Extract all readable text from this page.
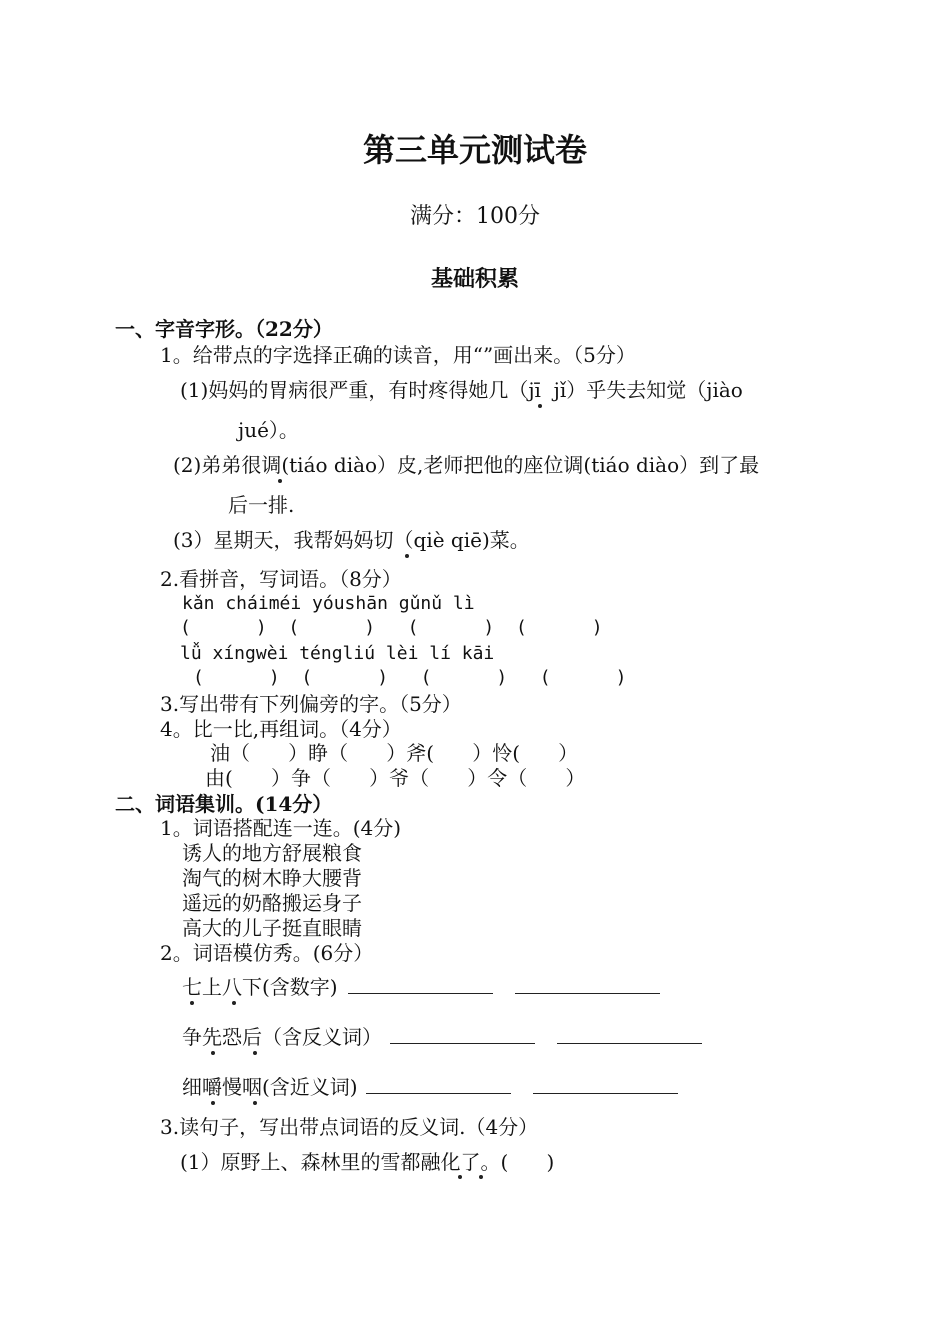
第三单元测试卷
满分：100分
基础积累
一、字音字形。（22分）
1。给带点的字选择正确的读音，用“”画出来。（5分）
(1)妈妈的胃病很严重，有时疼得她几（jī  jǐ）乎失去知觉（jiào
jué）。
(2)弟弟很调(tiáo diào）皮,老师把他的座位调(tiáo diào）到了最
后一排.
(3）星期天，我帮妈妈切（qiè qiē)菜。
2.看拼音，写词语。（8分）
kǎn cháiméi yóushān gǔnǔ lì
(      )  (      )   (      )  (      )
lǚ xíngwèi téngliú lèi lí kāi
(      )  (      )   (      )   (      )
3.写出带有下列偏旁的字。（5分）
4。比一比,再组词。（4分）
油（      ）睁（      ）斧(      ）怜(      ）
由(      ）争（      ）爷（      ）令（      ）
二、词语集训。(14分）
1。词语搭配连一连。(4分)
诱人的地方舒展粮食
淘气的树木睁大腰背
遥远的奶酪搬运身子
高大的儿子挺直眼睛
2。词语模仿秀。(6分）
七上八下(含数字)
争先恐后（含反义词）
细嚼慢咽(含近义词)
3.读句子，写出带点词语的反义词.（4分）
(1）原野上、森林里的雪都融化了。(      )
